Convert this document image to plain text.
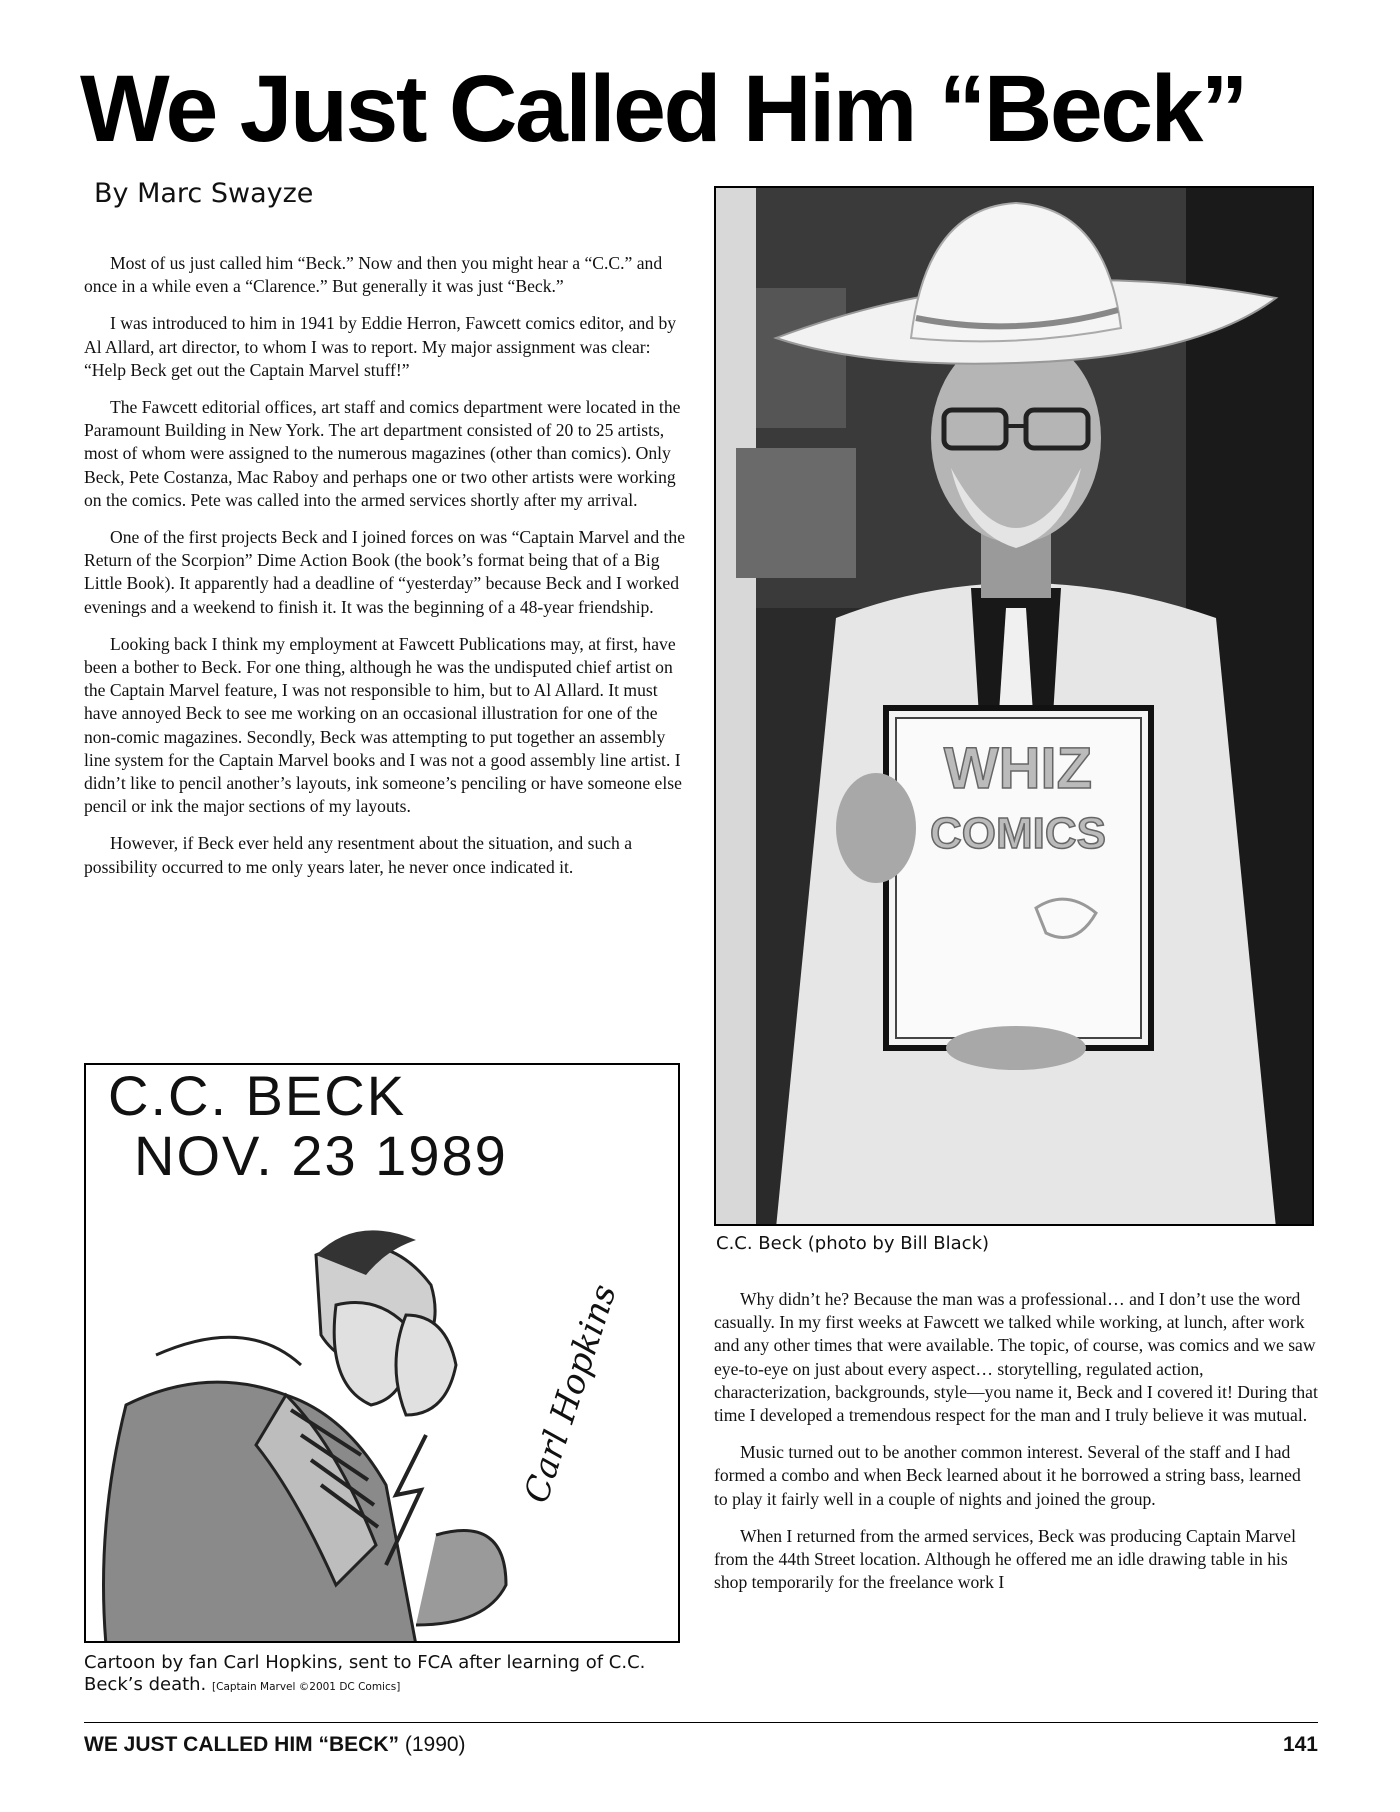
We Just Called Him “Beck”
By Marc Swayze

Most of us just called him “Beck.” Now and then you might hear a “C.C.” and once in a while even a “Clarence.” But generally it was just “Beck.”

I was introduced to him in 1941 by Eddie Herron, Fawcett comics editor, and by Al Allard, art director, to whom I was to report. My major assignment was clear: “Help Beck get out the Captain Marvel stuff!”

The Fawcett editorial offices, art staff and comics department were located in the Paramount Building in New York. The art department consisted of 20 to 25 artists, most of whom were assigned to the numerous magazines (other than comics). Only Beck, Pete Costanza, Mac Raboy and perhaps one or two other artists were working on the comics. Pete was called into the armed services shortly after my arrival.

One of the first projects Beck and I joined forces on was “Captain Marvel and the Return of the Scorpion” Dime Action Book (the book’s format being that of a Big Little Book). It apparently had a deadline of “yesterday” because Beck and I worked evenings and a weekend to finish it. It was the beginning of a 48-year friendship.

Looking back I think my employment at Fawcett Publications may, at first, have been a bother to Beck. For one thing, although he was the undisputed chief artist on the Captain Marvel feature, I was not responsible to him, but to Al Allard. It must have annoyed Beck to see me working on an occasional illustration for one of the non-comic magazines. Secondly, Beck was attempting to put together an assembly line system for the Captain Marvel books and I was not a good assembly line artist. I didn’t like to pencil another’s layouts, ink someone’s penciling or have someone else pencil or ink the major sections of my layouts.

However, if Beck ever held any resentment about the situation, and such a possibility occurred to me only years later, he never once indicated it.

WHIZ
COMICS
C.C. Beck (photo by Bill Black)
C.C. BECK
NOV. 23 1989
Carl Hopkins
Cartoon by fan Carl Hopkins, sent to FCA after learning of C.C. Beck’s death. [Captain Marvel ©2001 DC Comics]

Why didn’t he? Because the man was a professional… and I don’t use the word casually. In my first weeks at Fawcett we talked while working, at lunch, after work and any other times that were available. The topic, of course, was comics and we saw eye-to-eye on just about every aspect… storytelling, regulated action, characterization, backgrounds, style—you name it, Beck and I covered it! During that time I developed a tremendous respect for the man and I truly believe it was mutual.

Music turned out to be another common interest. Several of the staff and I had formed a combo and when Beck learned about it he borrowed a string bass, learned to play it fairly well in a couple of nights and joined the group.

When I returned from the armed services, Beck was producing Captain Marvel from the 44th Street location. Although he offered me an idle drawing table in his shop temporarily for the freelance work I

WE JUST CALLED HIM “BECK” (1990)	141
